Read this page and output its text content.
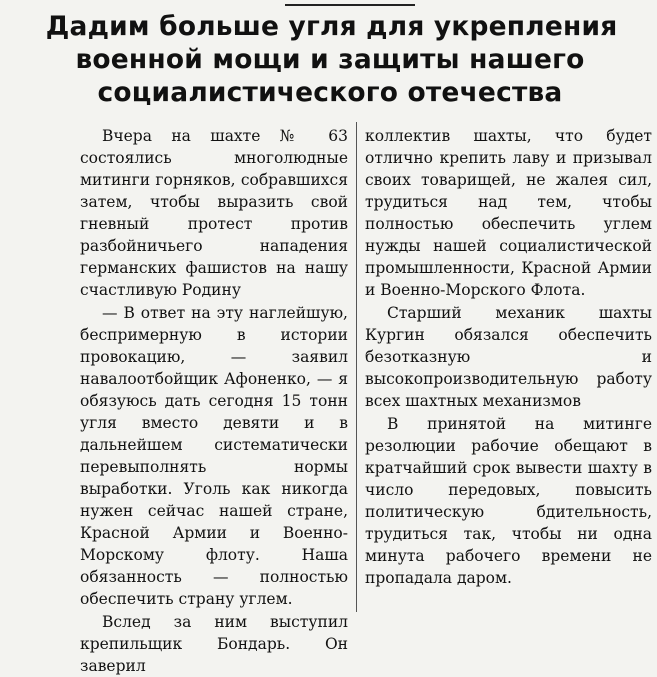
Дадим больше угля для укрепления
военной мощи и защиты нашего
социалистического отечества

Вчера на шахте № 63 состоялись многолюдные митинги горняков, собравшихся затем, чтобы выразить свой гневный протест против разбойничьего нападения германских фашистов на нашу счастливую Родину

— В ответ на эту наглейшую, беспримерную в истории провокацию, — заявил навалоотбойщик Афоненко, — я обязуюсь дать сегодня 15 тонн угля вместо девяти и в дальнейшем систематически перевыполнять нормы выработки. Уголь как никогда нужен сейчас нашей стране, Красной Армии и Военно-Морскому флоту. Наша обязанность — полностью обеспечить страну углем.

Вслед за ним выступил крепильщик Бондарь. Он заверил

коллектив шахты, что будет отлично крепить лаву и призывал своих товарищей, не жалея сил, трудиться над тем, чтобы полностью обеспечить углем нужды нашей социалистической промышленности, Красной Армии и Военно-Морского Флота.

Старший механик шахты Кургин обязался обеспечить безотказную и высокопроизводительную работу всех шахтных механизмов

В принятой на митинге резолюции рабочие обещают в кратчайший срок вывести шахту в число передовых, повысить политическую бдительность, трудиться так, чтобы ни одна минута рабочего времени не пропадала даром.
